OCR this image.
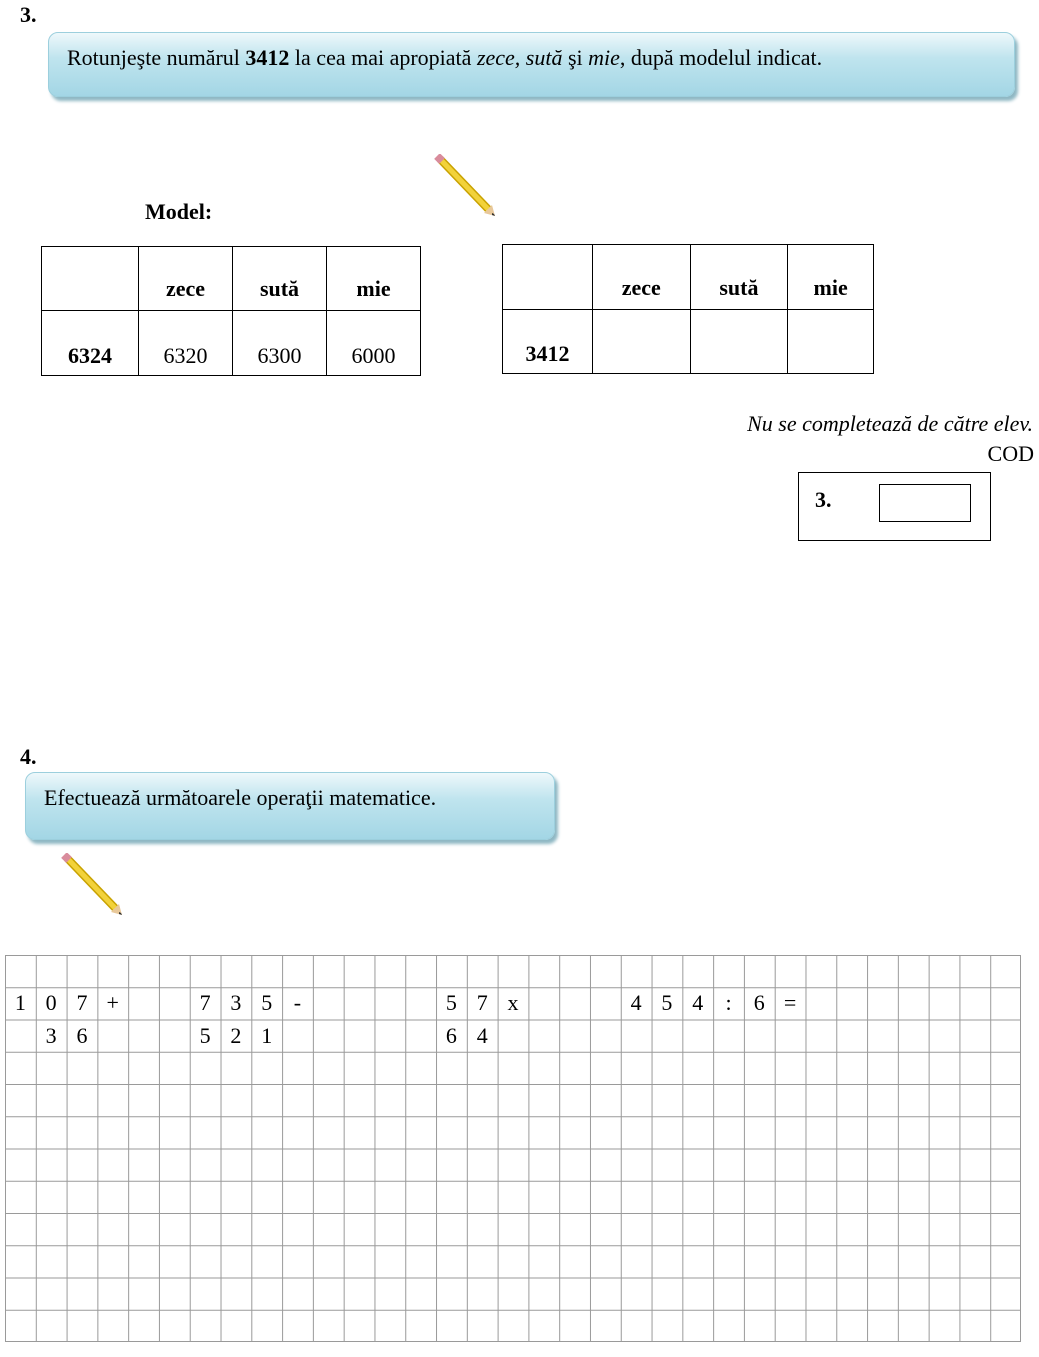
3.
Rotunjeşte numărul 3412 la cea mai apropiată zece, sută şi mie, după modelul indicat.
Model:
	zece	sută	mie
6324	6320	6300	6000
	zece	sută	mie
3412			
Nu se completează de către elev.
COD
3.
4.
Efectuează următoarele operaţii matematice.
1 0 7 +	7 3 5 -	5 7 x	4 5 4	:	6 =
3 6	5 2 1	6 4
